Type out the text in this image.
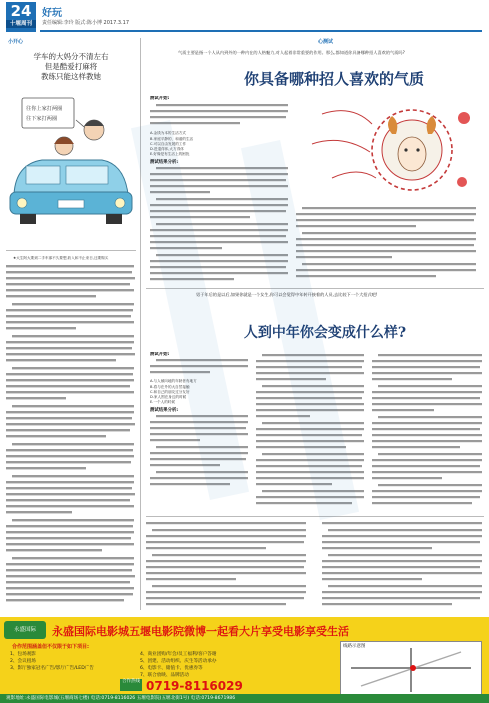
24
十堰周刊
好玩
责任编辑:李玲 版式:陈小博 2017.3.17
小开心
学车的大妈分不清左右
但是酷爱打麻将
教练只能这样教她
往你上家打两圈
往下家打两圈

★大生阿大要到二手车那不久要想,收入和不止来日,还要购买

心测试
气质主要是指一个人从内到外的一种内在的人格魅力,对人起着非常重要的作用。那么,都知道你具备哪种招人喜欢的气质吗?
你具备哪种招人喜欢的气质
测试开始:
A.金钱为本的生活方式
B.家庭平静的、和谐的生活
C.可以自由发展的工作
D.进退得体,大方得体
E.好像是有生活上的困扰
测试结果分析:
男于年后的是以后,如果你就是一个女生,你可以会觉得中年转开接着的人员,去比较下一个大招式吧!
人到中年你会变成什么样?
测试开始:
A.与人倾向地的年龄者有地方
B.将与在外的大自然接触
C.和自己的朋友过分友好
D.家人围在身边的时候
E.一个人的时候
测试结果分析:
永盛国际	永盛国际电影城五堰电影院微博一起看大片享受电影享受生活
合作范围涵盖但不仅限于如下项目:
1、包场观影
2、会议租场
3、影厅独家冠名广告/影厅广告/LED广告
4、商业团购/年会/员工福利/客户答谢
5、团建、活动组织、庆生等活动承办
6、电影卡、储值卡、优惠券等
7、联合放映、品牌活动
合作热线 0719-8116029
线路示意图
观影地址:永盛国际电影城(五堰商场七楼) 电话:0719-8116026 五堰电影院(五堰北街1号) 电话:0719-8671986
